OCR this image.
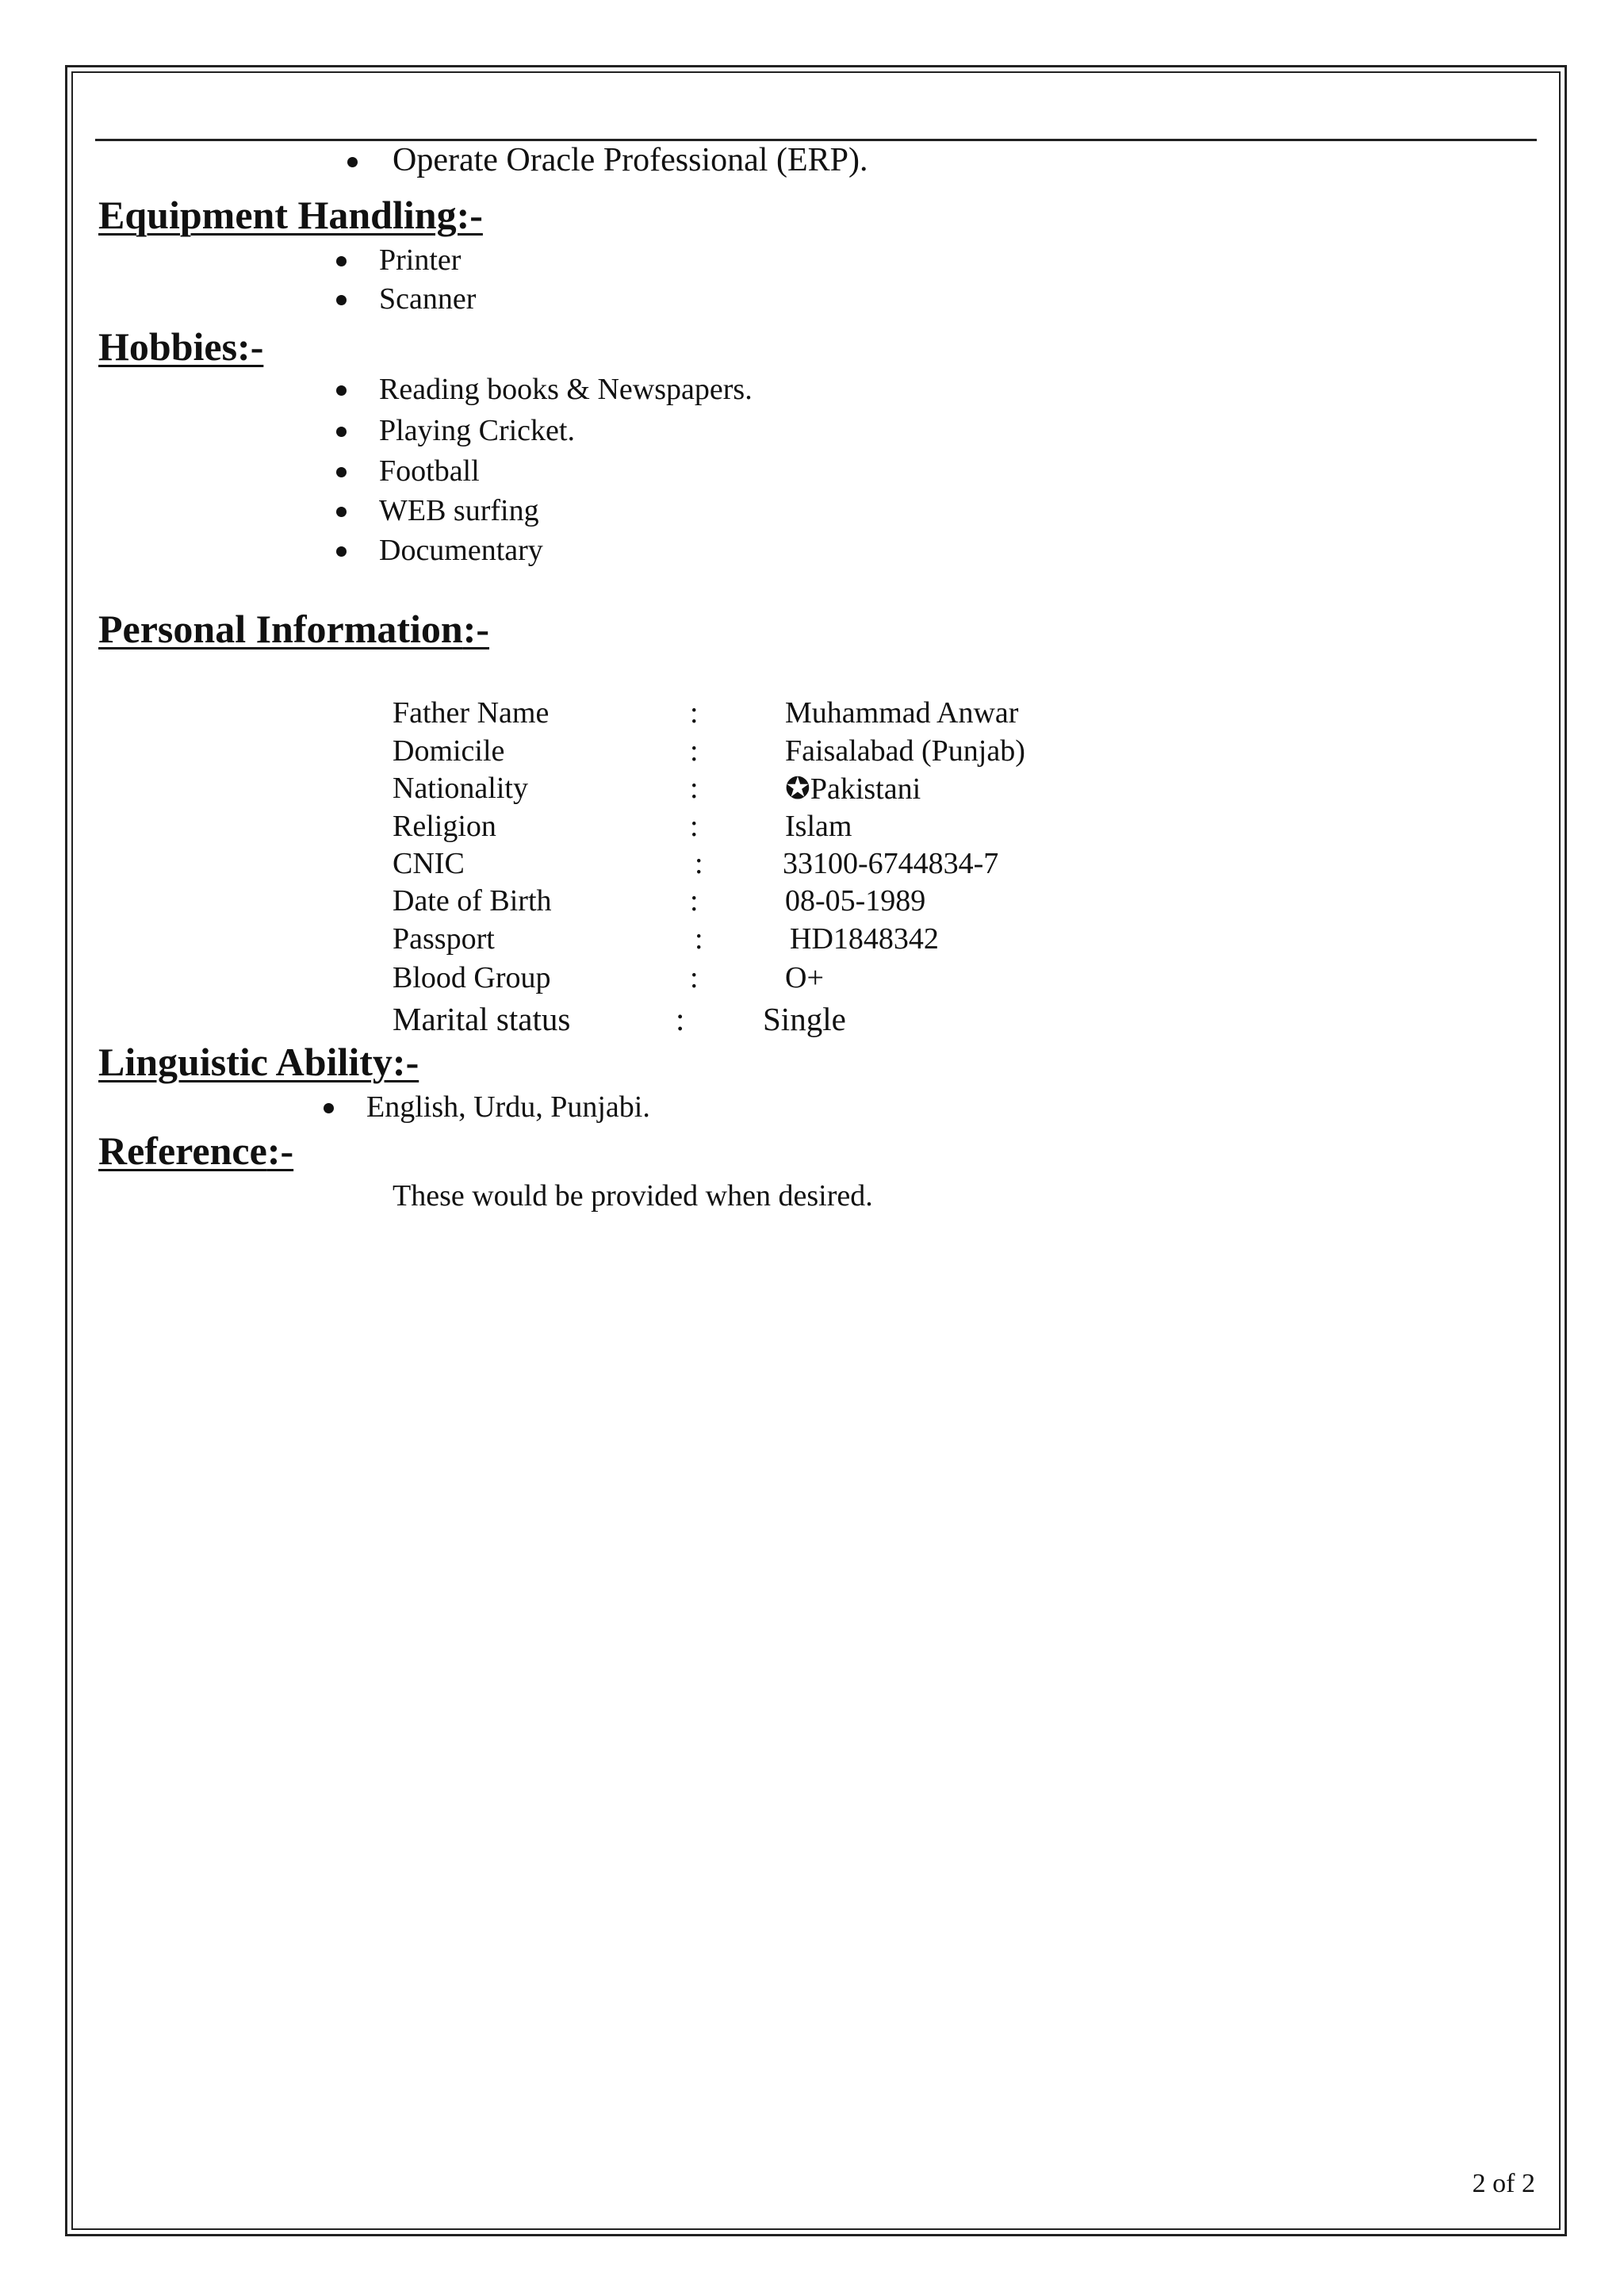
Operate Oracle Professional (ERP).
Equipment Handling:-
Printer
Scanner
Hobbies:-
Reading books & Newspapers.
Playing Cricket.
Football
WEB surfing
Documentary
Personal Information:-
Father Name	:	Muhammad Anwar
Domicile	:	Faisalabad (Punjab)
Nationality	:	✪Pakistani
Religion	:	Islam
CNIC	:	33100-6744834-7
Date of Birth	:	08-05-1989
Passport	:	HD1848342
Blood Group	:	O+
Marital status	: Single
Linguistic Ability:-
English, Urdu, Punjabi.
Reference:-
These would be provided when desired.
2 of 2
